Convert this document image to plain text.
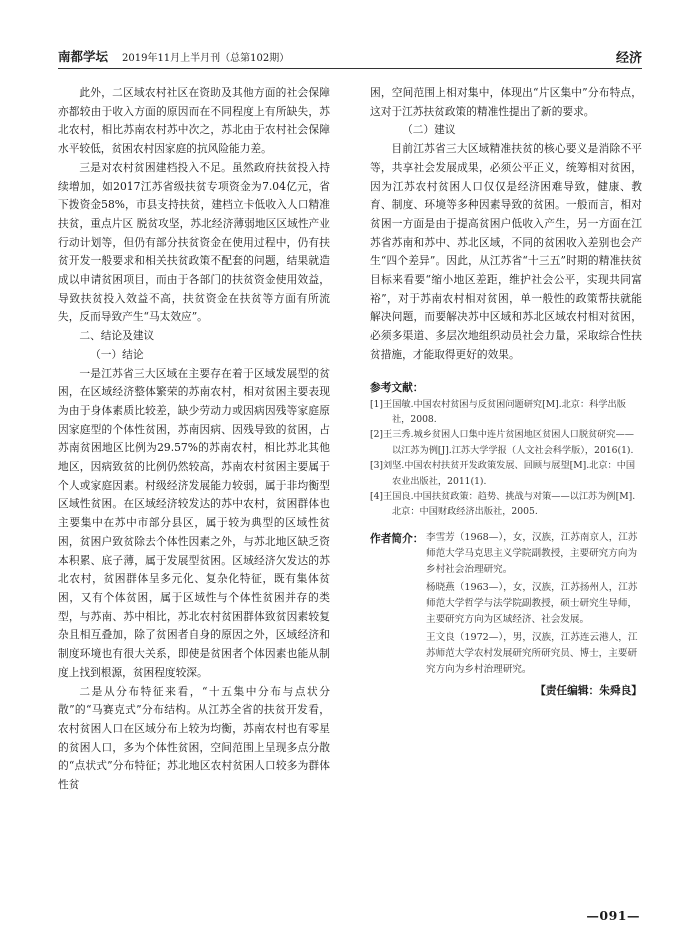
南都学坛 2019年11月上半月刊（总第102期）	经济

此外，二区域农村社区在资助及其他方面的社会保障亦都较由于收入方面的原因而在不同程度上有所缺失，苏北农村，相比苏南农村苏中次之，苏北由于农村社会保障水平较低，贫困农村因家庭的抗风险能力差。

三是对农村贫困建档投入不足。虽然政府扶贫投入持续增加，如2017江苏省级扶贫专项资金为7.04亿元，省下拨资金58%，市县支持扶贫，建档立卡低收入人口精准扶贫，重点片区 脱贫攻坚，苏北经济薄弱地区区域性产业行动计划等，但仍有部分扶贫资金在使用过程中，仍有扶贫开发一般要求和相关扶贫政策不配套的问题，结果就造成以申请贫困项目，而由于各部门的扶贫资金使用效益，导致扶贫投入效益不高，扶贫资金在扶贫等方面有所流失，反而导致产生“马太效应”。

二、结论及建议
（一）结论

一是江苏省三大区域在主要存在着于区域发展型的贫困，在区域经济整体繁荣的苏南农村，相对贫困主要表现为由于身体素质比较差，缺少劳动力或因病因残等家庭原因家庭型的个体性贫困，苏南因病、因残导致的贫困，占苏南贫困地区比例为29.57%的苏南农村，相比苏北其他地区，因病致贫的比例仍然较高，苏南农村贫困主要属于个人或家庭因素。村级经济发展能力较弱，属于非均衡型区域性贫困。在区域经济较发达的苏中农村，贫困群体也主要集中在苏中市部分县区，属于较为典型的区域性贫困，贫困户致贫除去个体性因素之外，与苏北地区缺乏资本积累、底子薄，属于发展型贫困。区域经济欠发达的苏北农村，贫困群体呈多元化、复杂化特征，既有集体贫困，又有个体贫困，属于区域性与个体性贫困并存的类型，与苏南、苏中相比，苏北农村贫困群体致贫因素较复杂且相互叠加，除了贫困者自身的原因之外，区域经济和制度环境也有很大关系，即使是贫困者个体因素也能从制度上找到根源，贫困程度较深。

二是从分布特征来看，“十五集中分布与点状分散”的“马赛克式”分布结构。从江苏全省的扶贫开发看，农村贫困人口在区域分布上较为均衡，苏南农村也有零星的贫困人口，多为个体性贫困，空间范围上呈现多点分散的“点状式”分布特征；苏北地区农村贫困人口较多为群体性贫

困，空间范围上相对集中，体现出“片区集中”分布特点，这对于江苏扶贫政策的精准性提出了新的要求。

（二）建议

目前江苏省三大区域精准扶贫的核心要义是消除不平等，共享社会发展成果，必须公平正义，统筹相对贫困，因为江苏农村贫困人口仅仅是经济困难导致，健康、教育、制度、环境等多种因素导致的贫困。一般而言，相对贫困一方面是由于提高贫困户低收入产生，另一方面在江苏省苏南和苏中、苏北区域，不同的贫困收入差别也会产生“四个差异”。因此，从江苏省“十三五”时期的精准扶贫目标来看要“缩小地区差距，维护社会公平，实现共同富裕”，对于苏南农村相对贫困，单一般性的政策帮扶就能解决问题，而要解决苏中区域和苏北区域农村相对贫困，必须多渠道、多层次地组织动员社会力量，采取综合性扶贫措施，才能取得更好的效果。

参考文献：
[1]王国敏.中国农村贫困与反贫困问题研究[M].北京：科学出版社，2008.
[2]王三秀.城乡贫困人口集中连片贫困地区贫困人口脱贫研究——以江苏为例[J].江苏大学学报（人文社会科学版），2016(1).
[3]刘坚.中国农村扶贫开发政策发展、回顾与展望[M].北京：中国农业出版社，2011(1).
[4]王国良.中国扶贫政策：趋势、挑战与对策——以江苏为例[M].北京：中国财政经济出版社，2005.
作者简介： 李雪芳（1968—），女，汉族，江苏南京人，江苏师范大学马克思主义学院副教授，主要研究方向为乡村社会治理研究。
杨晓燕（1963—），女，汉族，江苏扬州人，江苏师范大学哲学与法学院副教授，硕士研究生导师，主要研究方向为区域经济、社会发展。
王文良（1972—），男，汉族，江苏连云港人，江苏师范大学农村发展研究所研究员、博士，主要研究方向为乡村治理研究。
【责任编辑：朱舜良】
—091—
